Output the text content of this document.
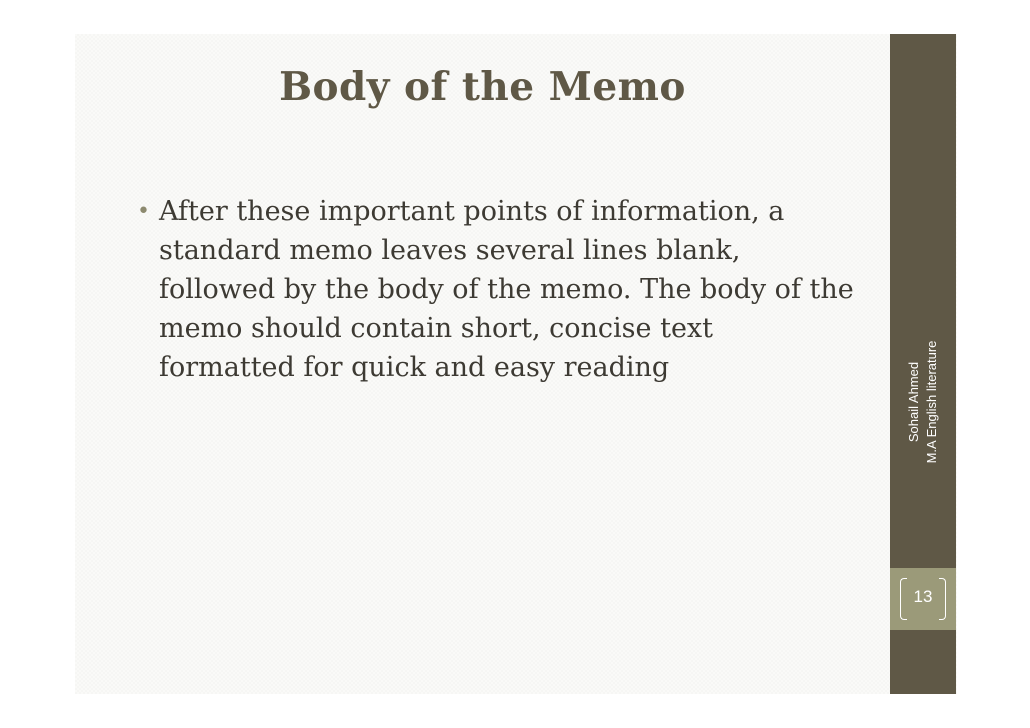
Body of the Memo
• After these important points of information, a standard memo leaves several lines blank, followed by the body of the memo. The body of the memo should contain short, concise text formatted for quick and easy reading	Sohail Ahmed M.A English literature
13
